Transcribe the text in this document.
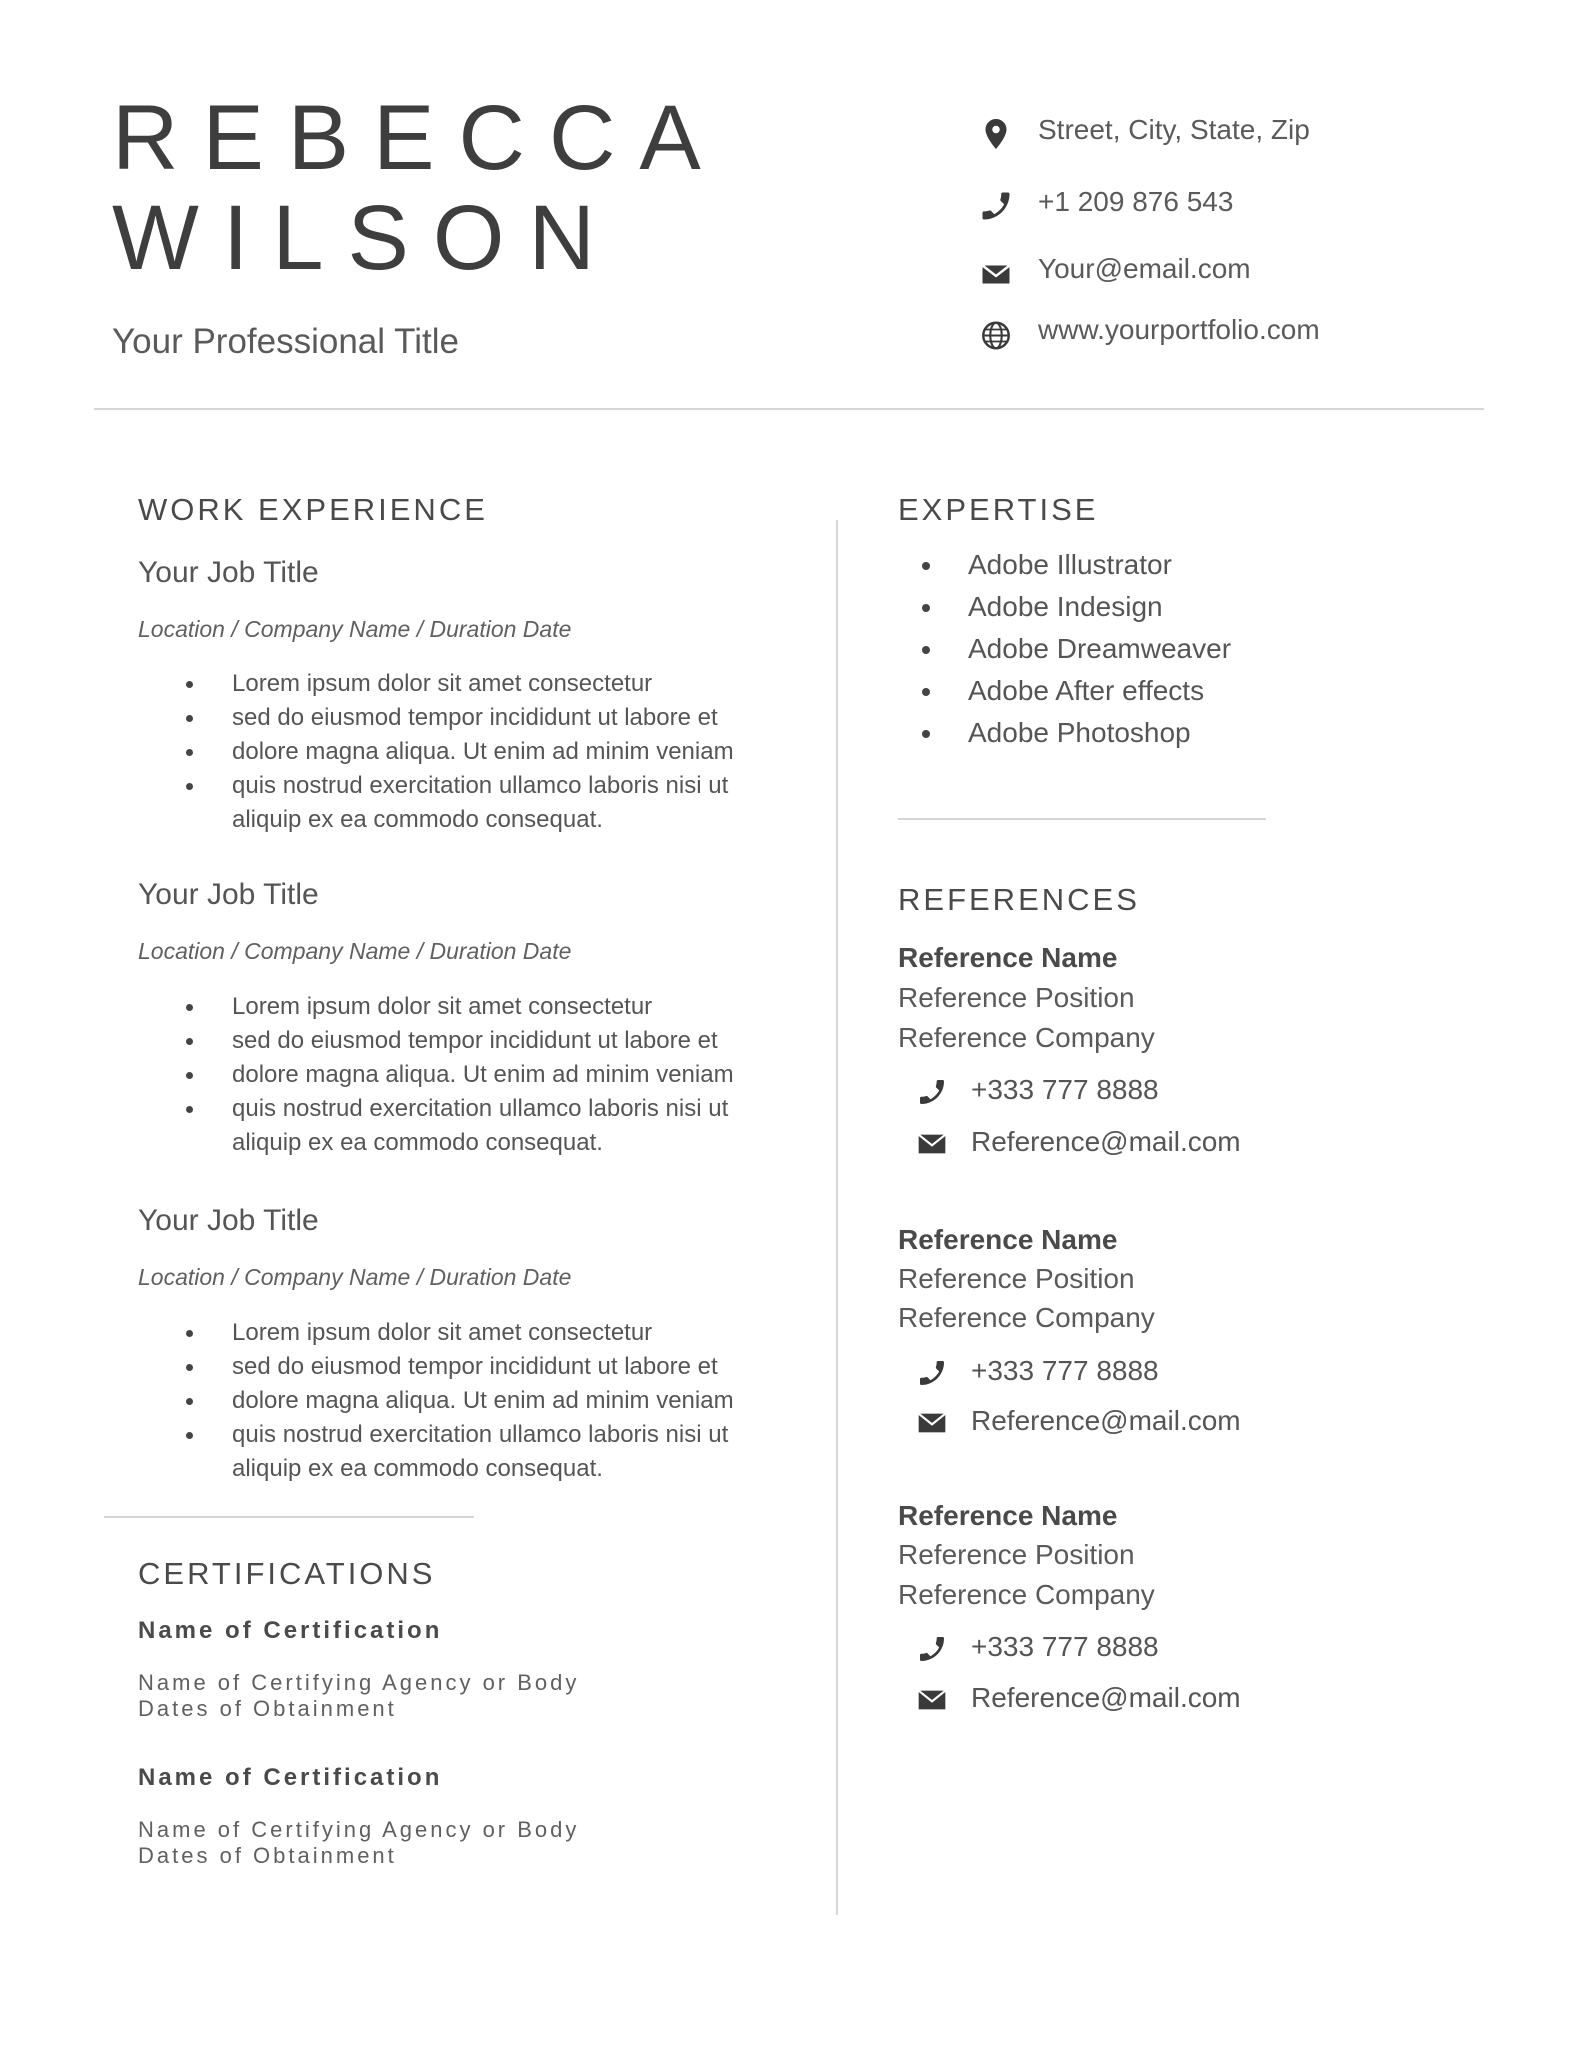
REBECCA
WILSON
Your Professional Title
Street, City, State, Zip
+1 209 876 543
Your@email.com
www.yourportfolio.com
WORK EXPERIENCE
Your Job Title
Location / Company Name / Duration Date
Lorem ipsum dolor sit amet consectetur
sed do eiusmod tempor incididunt ut labore et
dolore magna aliqua. Ut enim ad minim veniam
quis nostrud exercitation ullamco laboris nisi ut aliquip ex ea commodo consequat.
Your Job Title
Location / Company Name / Duration Date
Lorem ipsum dolor sit amet consectetur
sed do eiusmod tempor incididunt ut labore et
dolore magna aliqua. Ut enim ad minim veniam
quis nostrud exercitation ullamco laboris nisi ut aliquip ex ea commodo consequat.
Your Job Title
Location / Company Name / Duration Date
Lorem ipsum dolor sit amet consectetur
sed do eiusmod tempor incididunt ut labore et
dolore magna aliqua. Ut enim ad minim veniam
quis nostrud exercitation ullamco laboris nisi ut aliquip ex ea commodo consequat.
CERTIFICATIONS
Name of Certification
Name of Certifying Agency or Body
Dates of Obtainment
Name of Certification
Name of Certifying Agency or Body
Dates of Obtainment
EXPERTISE
Adobe Illustrator
Adobe Indesign
Adobe Dreamweaver
Adobe After effects
Adobe Photoshop
REFERENCES
Reference Name
Reference Position
Reference Company
+333 777 8888
Reference@mail.com
Reference Name
Reference Position
Reference Company
+333 777 8888
Reference@mail.com
Reference Name
Reference Position
Reference Company
+333 777 8888
Reference@mail.com
